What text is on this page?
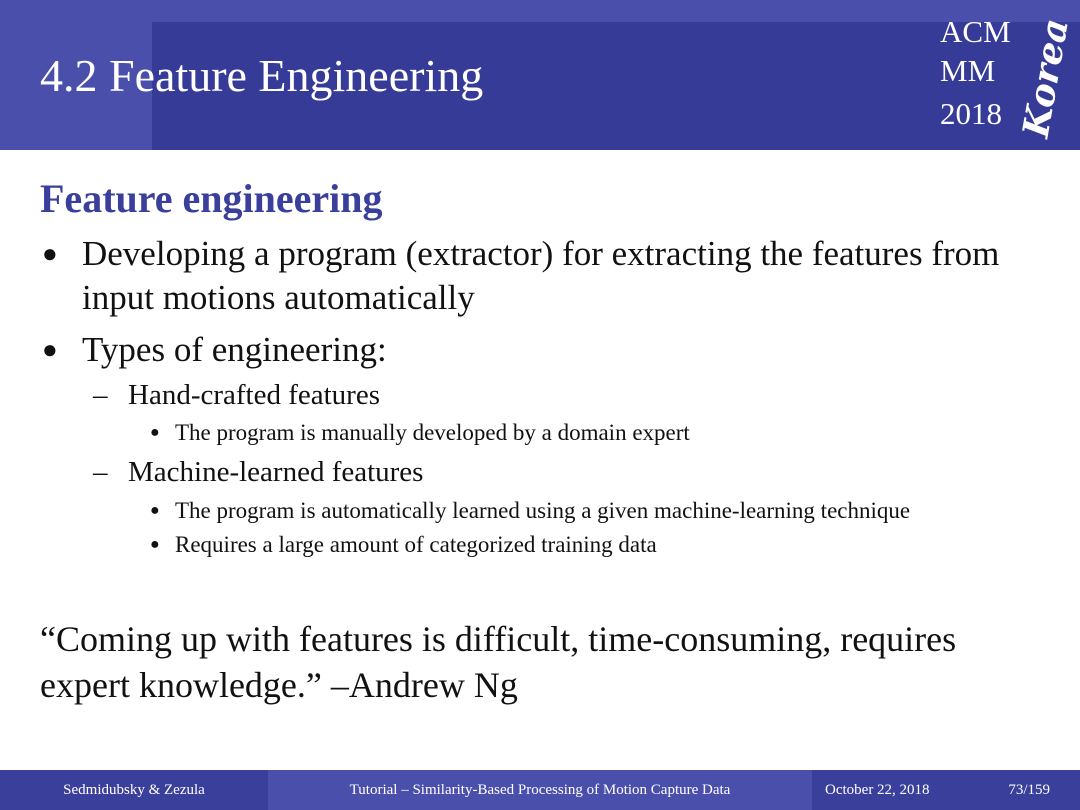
4.2 Feature Engineering
ACM
MM
2018 Korea
Feature engineering
● Developing a program (extractor) for extracting the features from input motions automatically
● Types of engineering:
– Hand-crafted features
● The program is manually developed by a domain expert
– Machine-learned features
● The program is automatically learned using a given machine-learning technique
● Requires a large amount of categorized training data
“Coming up with features is difficult, time-consuming, requires expert knowledge.” –Andrew Ng
Sedmidubsky & Zezula	Tutorial – Similarity-Based Processing of Motion Capture Data	October 22, 2018	73/159
